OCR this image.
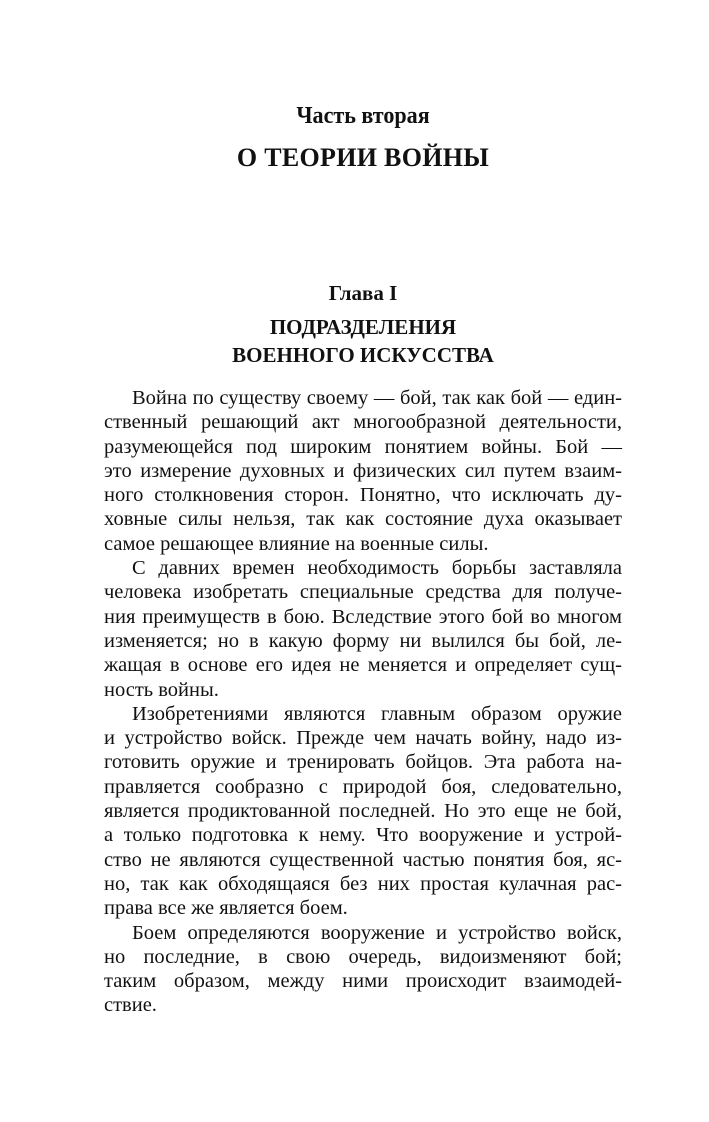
Часть вторая
О ТЕОРИИ ВОЙНЫ
Глава I
ПОДРАЗДЕЛЕНИЯ
ВОЕННОГО ИСКУССТВА
Война по существу своему — бой, так как бой — един-
ственный решающий акт многообразной деятельности,
разумеющейся под широким понятием войны. Бой —
это измерение духовных и физических сил путем взаим-
ного столкновения сторон. Понятно, что исключать ду-
ховные силы нельзя, так как состояние духа оказывает
самое решающее влияние на военные силы.
С давних времен необходимость борьбы заставляла
человека изобретать специальные средства для получе-
ния преимуществ в бою. Вследствие этого бой во многом
изменяется; но в какую форму ни вылился бы бой, ле-
жащая в основе его идея не меняется и определяет сущ-
ность войны.
Изобретениями являются главным образом оружие
и устройство войск. Прежде чем начать войну, надо из-
готовить оружие и тренировать бойцов. Эта работа на-
правляется сообразно с природой боя, следовательно,
является продиктованной последней. Но это еще не бой,
а только подготовка к нему. Что вооружение и устрой-
ство не являются существенной частью понятия боя, яс-
но, так как обходящаяся без них простая кулачная рас-
права все же является боем.
Боем определяются вооружение и устройство войск,
но последние, в свою очередь, видоизменяют бой;
таким образом, между ними происходит взаимодей-
ствие.
